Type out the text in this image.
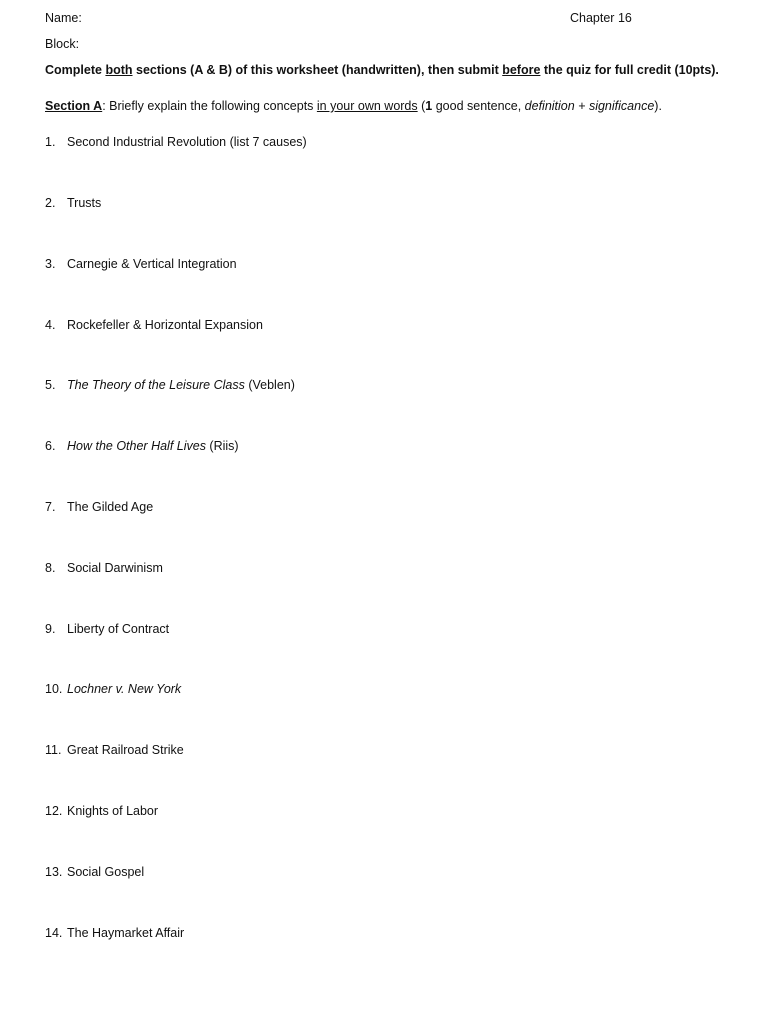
Name:	Chapter 16
Block:
Complete both sections (A & B) of this worksheet (handwritten), then submit before the quiz for full credit (10pts).
Section A: Briefly explain the following concepts in your own words (1 good sentence, definition + significance).
1. Second Industrial Revolution (list 7 causes)
2. Trusts
3. Carnegie & Vertical Integration
4. Rockefeller & Horizontal Expansion
5. The Theory of the Leisure Class (Veblen)
6. How the Other Half Lives (Riis)
7. The Gilded Age
8. Social Darwinism
9. Liberty of Contract
10. Lochner v. New York
11. Great Railroad Strike
12. Knights of Labor
13. Social Gospel
14. The Haymarket Affair
